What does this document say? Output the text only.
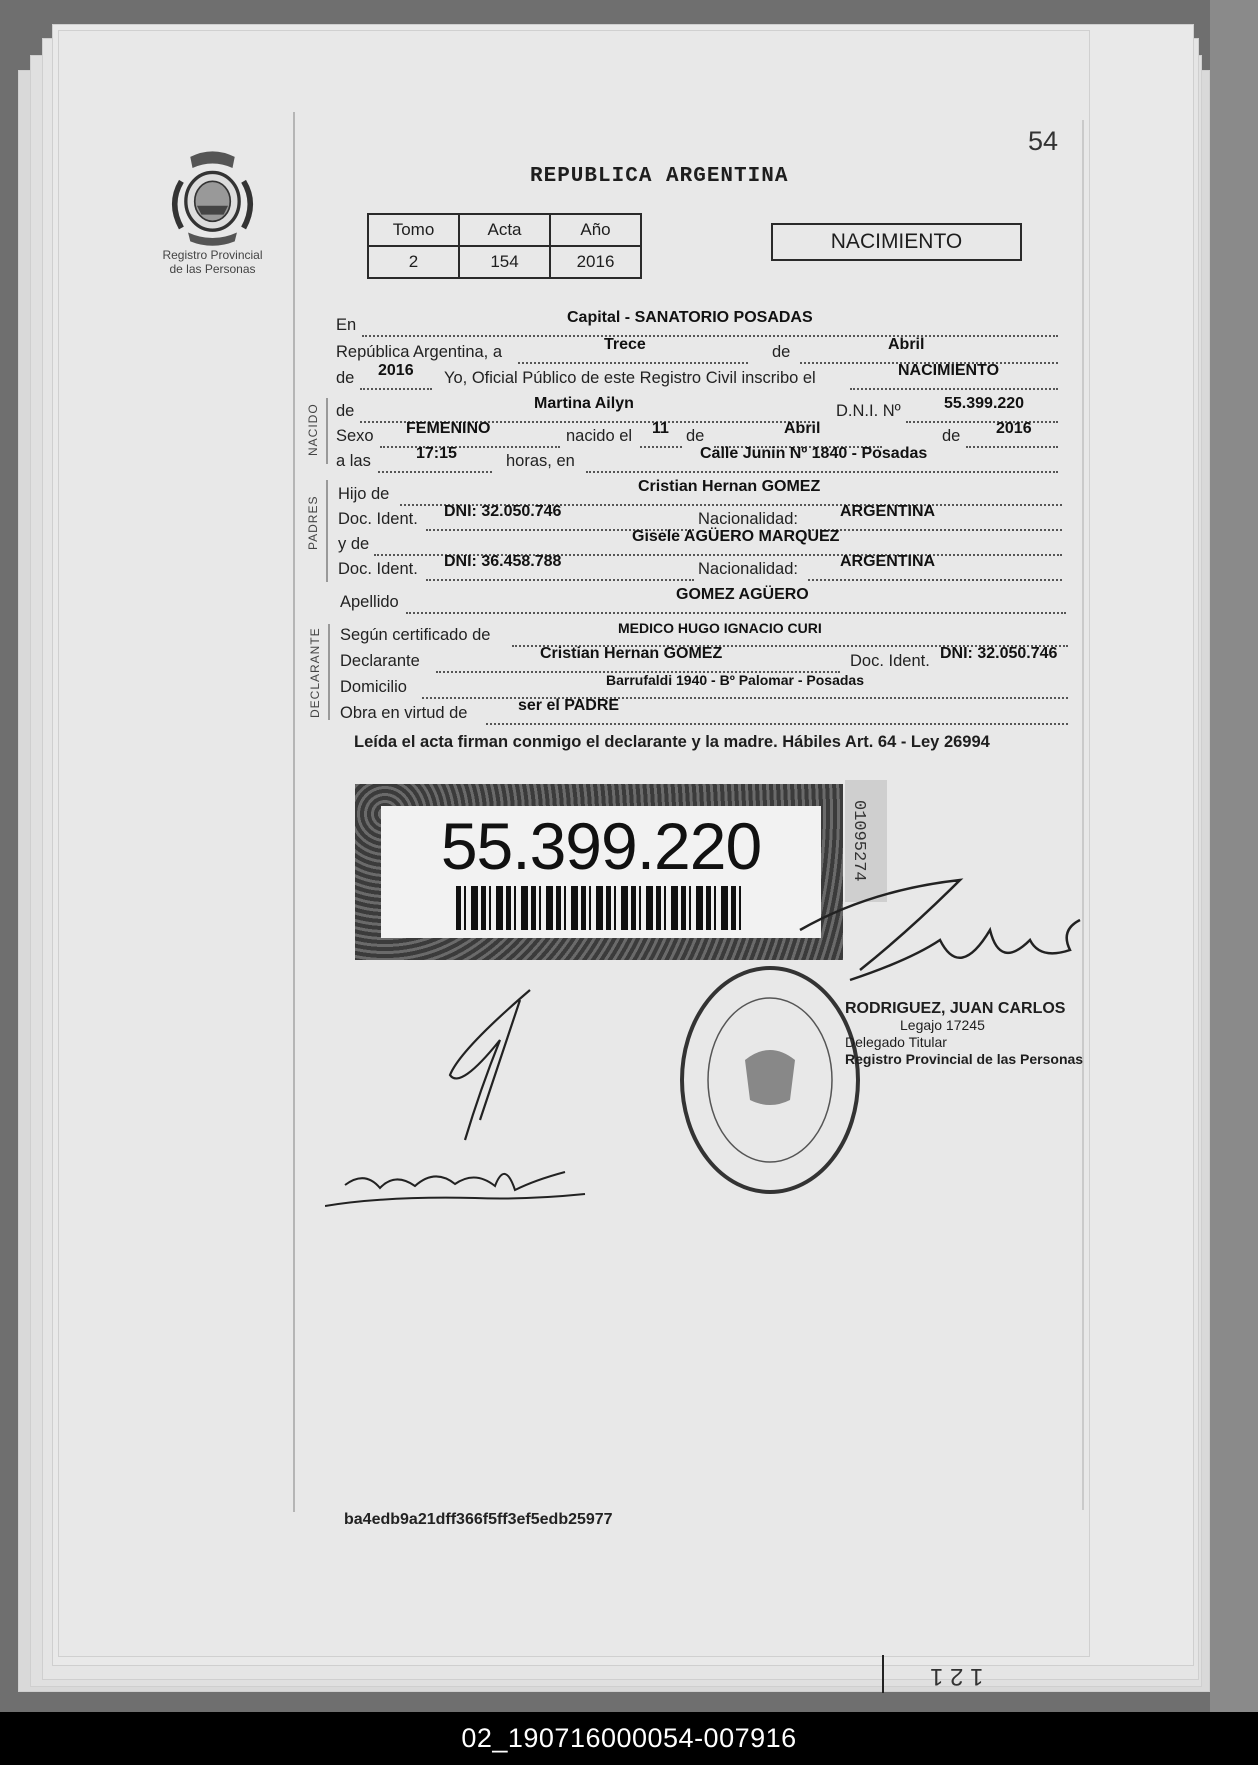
Registro Provincial
de las Personas
54
REPUBLICA ARGENTINA
Tomo	Acta	Año
2	154	2016
NACIMIENTO
En	Capital - SANATORIO POSADAS
República Argentina, a	Trece	de	Abril
de 2016 Yo, Oficial Público de este Registro Civil inscribo el	NACIMIENTO
NACIDO de	Martina Ailyn	D.N.I. Nº	55.399.220
Sexo FEMENINO	nacido el 11 de	Abril	de 2016
a las	17:15	horas, en	Calle Junin Nº 1840 - Posadas
PADRES
Hijo de	Cristian Hernan GOMEZ
Doc. Ident. DNI: 32.050.746	Nacionalidad:	ARGENTINA
y de	Gisele AGÜERO MARQUEZ
Doc. Ident. DNI: 36.458.788	Nacionalidad:	ARGENTINA
Apellido	GOMEZ AGÜERO
DECLARANTE Según certificado de	MEDICO HUGO IGNACIO CURI
Declarante	Cristian Hernan GOMEZ	Doc. Ident. DNI: 32.050.746
Domicilio	Barrufaldi 1940 - Bº Palomar - Posadas
Obra en virtud de	ser el PADRE
Leída el acta firman conmigo el declarante y la madre. Hábiles Art. 64 - Ley 26994
55.399.220	01095274
RODRIGUEZ, JUAN CARLOS
Legajo 17245
Delegado Titular
Registro Provincial de las Personas
ba4edb9a21dff366f5ff3ef5edb25977
1 2 1
02_190716000054-007916
